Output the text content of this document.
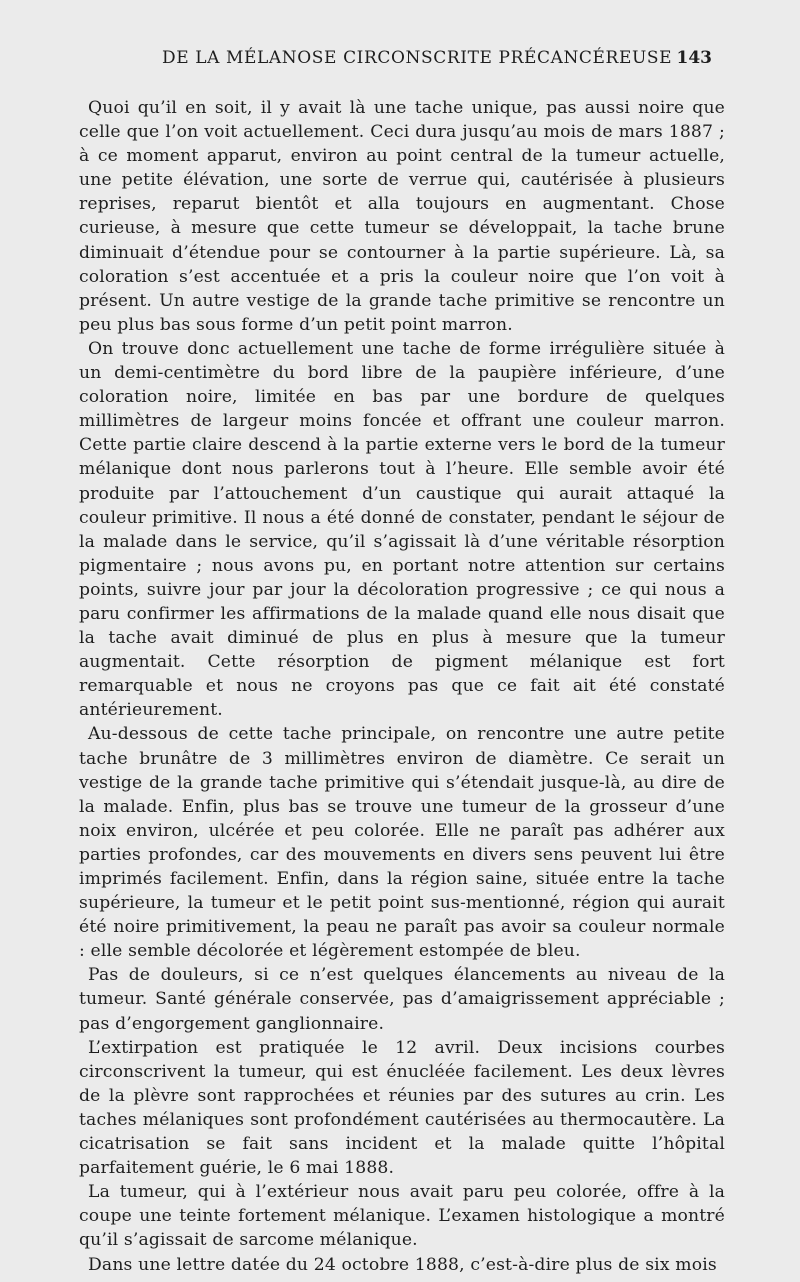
DE LA MÉLANOSE CIRCONSCRITE PRÉCANCÉREUSE 143

Quoi qu’il en soit, il y avait là une tache unique, pas aussi noire que celle que l’on voit actuellement. Ceci dura jusqu’au mois de mars 1887 ; à ce moment apparut, environ au point central de la tumeur actuelle, une petite élévation, une sorte de verrue qui, cautérisée à plusieurs reprises, reparut bientôt et alla toujours en augmentant. Chose curieuse, à mesure que cette tumeur se développait, la tache brune diminuait d’étendue pour se contourner à la partie supérieure. Là, sa coloration s’est accentuée et a pris la couleur noire que l’on voit à présent. Un autre vestige de la grande tache primitive se rencontre un peu plus bas sous forme d’un petit point marron.

On trouve donc actuellement une tache de forme irrégulière située à un demi-centimètre du bord libre de la paupière inférieure, d’une coloration noire, limitée en bas par une bordure de quelques millimètres de largeur moins foncée et offrant une couleur marron. Cette partie claire descend à la partie externe vers le bord de la tumeur mélanique dont nous parlerons tout à l’heure. Elle semble avoir été produite par l’attouchement d’un caustique qui aurait attaqué la couleur primitive. Il nous a été donné de constater, pendant le séjour de la malade dans le service, qu’il s’agissait là d’une véritable résorption pigmentaire ; nous avons pu, en portant notre attention sur certains points, suivre jour par jour la décoloration progressive ; ce qui nous a paru confirmer les affirmations de la malade quand elle nous disait que la tache avait diminué de plus en plus à mesure que la tumeur augmentait. Cette résorption de pigment mélanique est fort remarquable et nous ne croyons pas que ce fait ait été constaté antérieurement.

Au-dessous de cette tache principale, on rencontre une autre petite tache brunâtre de 3 millimètres environ de diamètre. Ce serait un vestige de la grande tache primitive qui s’étendait jusque-là, au dire de la malade. Enfin, plus bas se trouve une tumeur de la grosseur d’une noix environ, ulcérée et peu colorée. Elle ne paraît pas adhérer aux parties profondes, car des mouvements en divers sens peuvent lui être imprimés facilement. Enfin, dans la région saine, située entre la tache supérieure, la tumeur et le petit point sus-mentionné, région qui aurait été noire primitivement, la peau ne paraît pas avoir sa couleur normale : elle semble décolorée et légèrement estompée de bleu.

Pas de douleurs, si ce n’est quelques élancements au niveau de la tumeur. Santé générale conservée, pas d’amaigrissement appréciable ; pas d’engorgement ganglionnaire.

L’extirpation est pratiquée le 12 avril. Deux incisions courbes circonscrivent la tumeur, qui est énucléée facilement. Les deux lèvres de la plèvre sont rapprochées et réunies par des sutures au crin. Les taches mélaniques sont profondément cautérisées au thermocautère. La cicatrisation se fait sans incident et la malade quitte l’hôpital parfaitement guérie, le 6 mai 1888.

La tumeur, qui à l’extérieur nous avait paru peu colorée, offre à la coupe une teinte fortement mélanique. L’examen histologique a montré qu’il s’agissait de sarcome mélanique.

Dans une lettre datée du 24 octobre 1888, c’est-à-dire plus de six mois
